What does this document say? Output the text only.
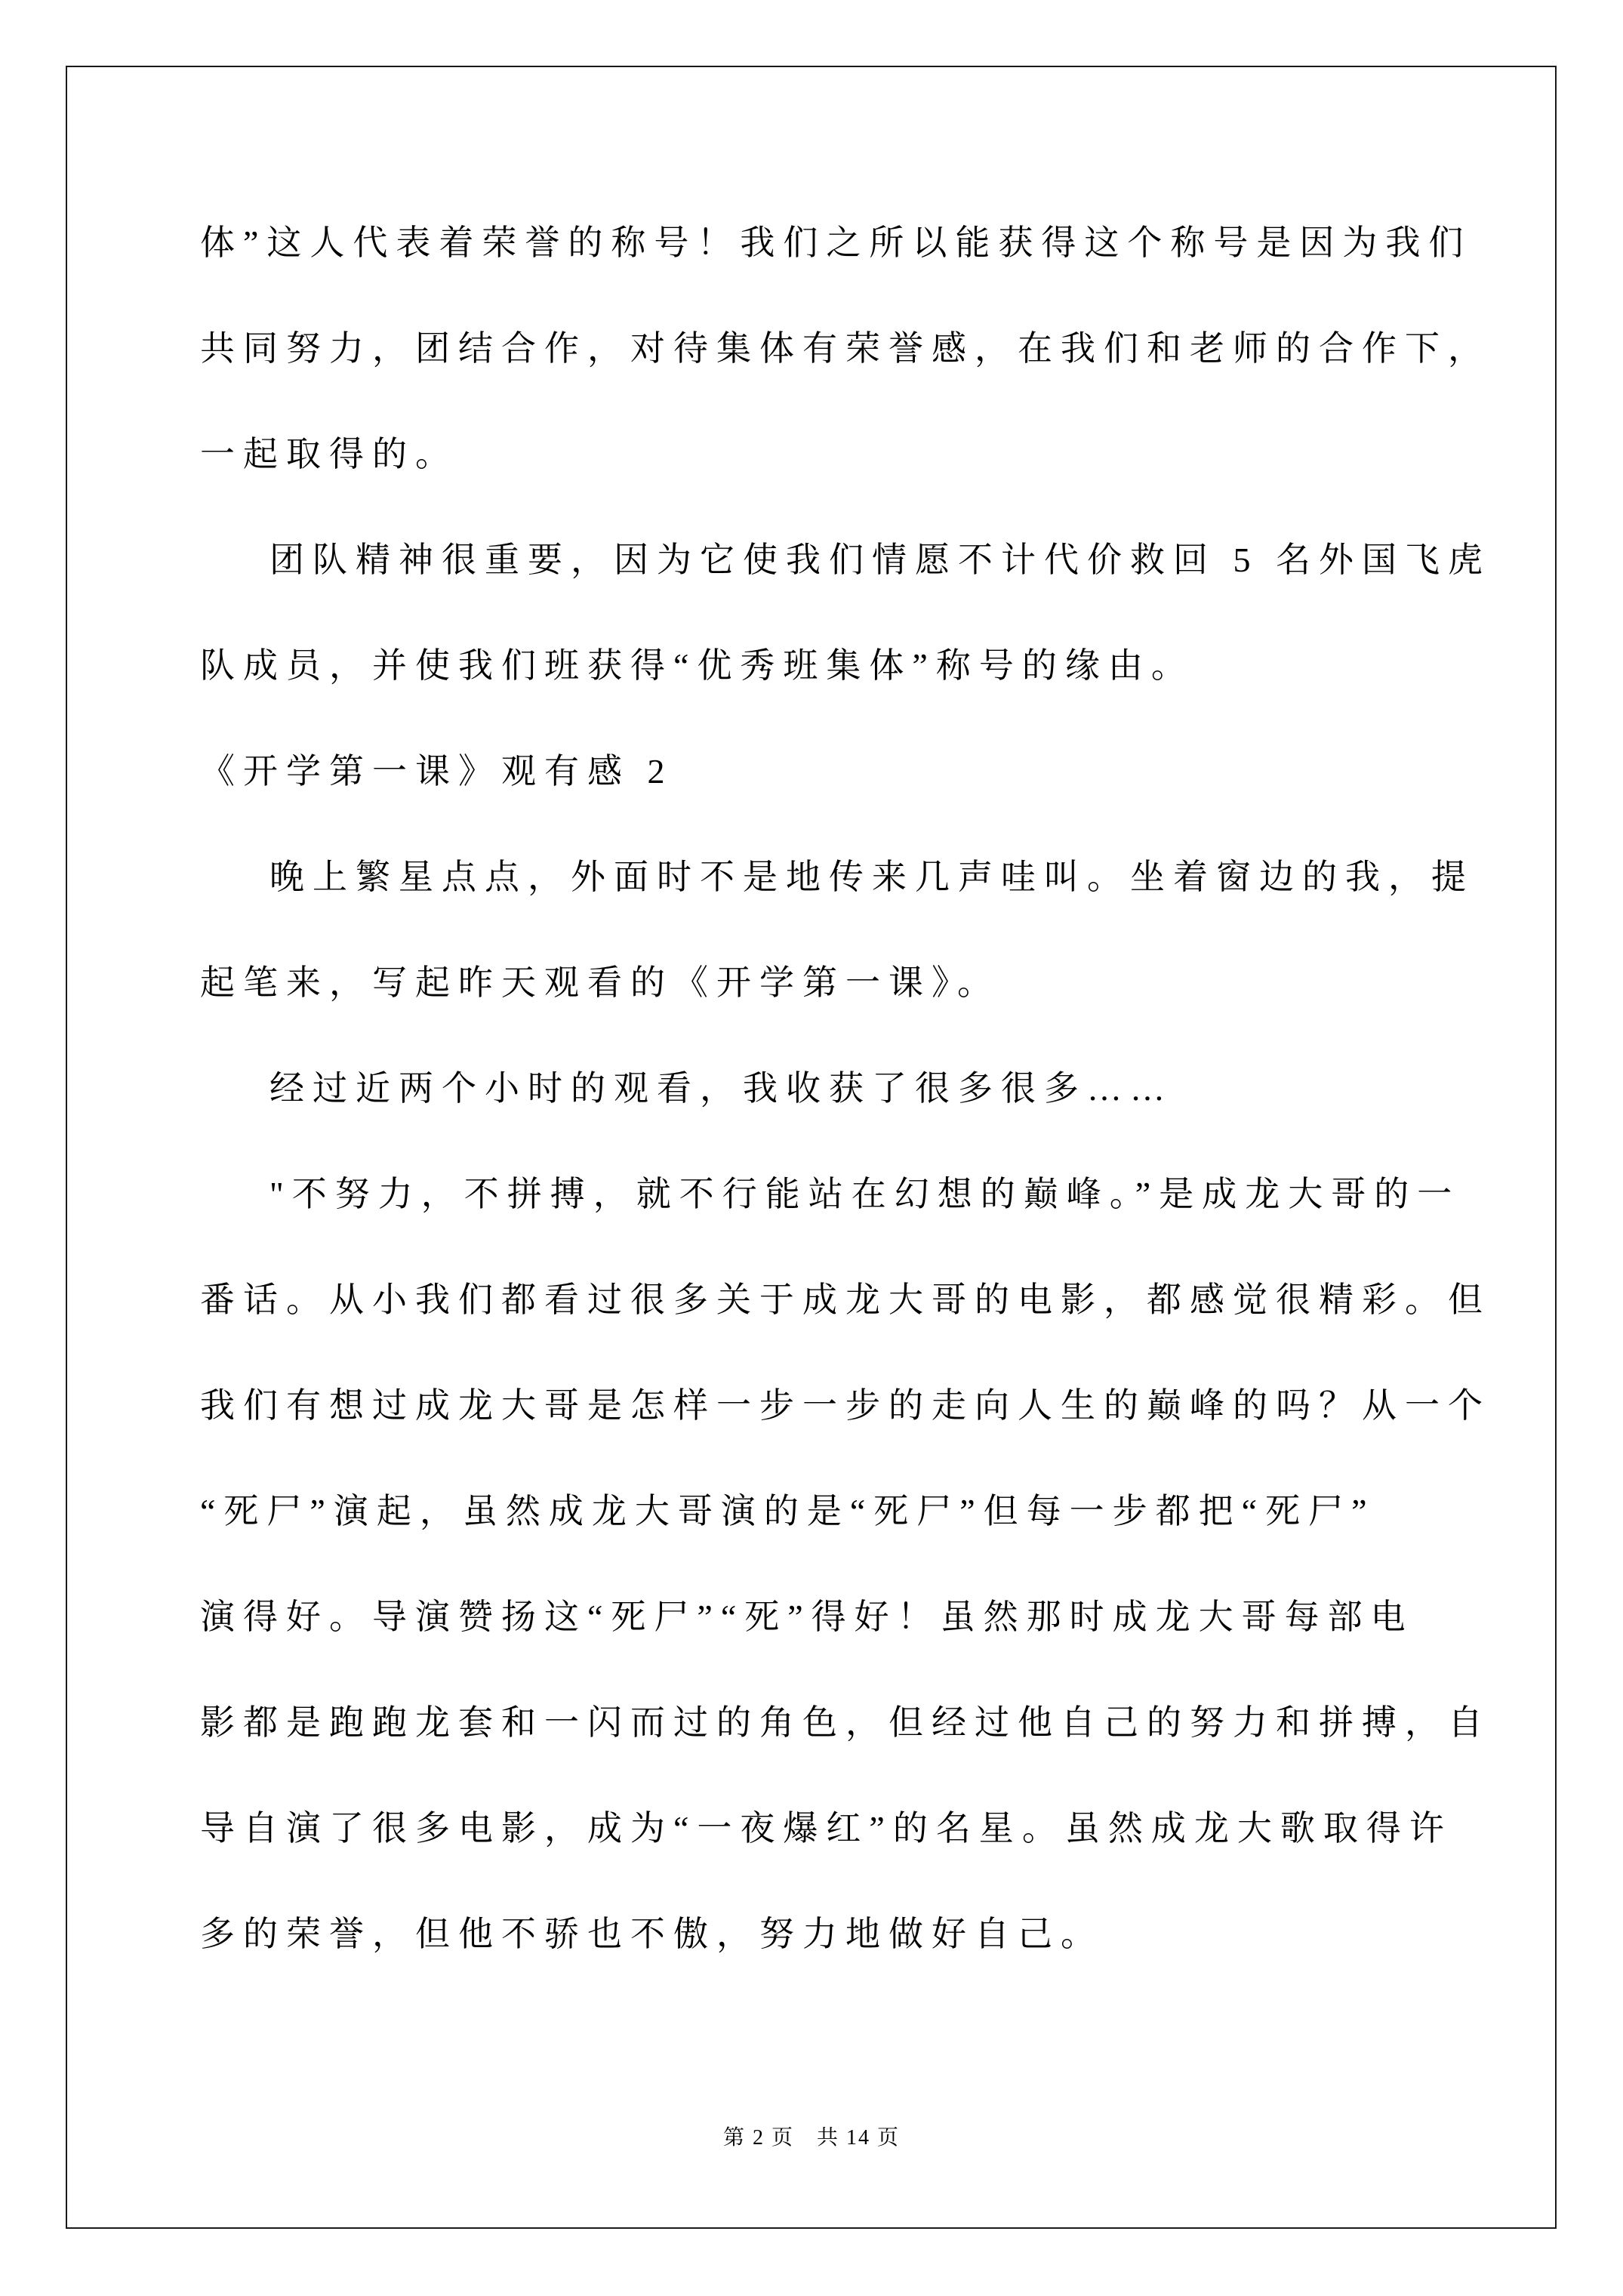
体”这人代表着荣誉的称号！我们之所以能获得这个称号是因为我们
共同努力，团结合作，对待集体有荣誉感，在我们和老师的合作下，
一起取得的。
团队精神很重要，因为它使我们情愿不计代价救回 5 名外国飞虎
队成员，并使我们班获得“优秀班集体”称号的缘由。
《开学第一课》观有感 2
晚上繁星点点，外面时不是地传来几声哇叫。坐着窗边的我，提
起笔来，写起昨天观看的《开学第一课》。
经过近两个小时的观看，我收获了很多很多……
"不努力，不拼搏，就不行能站在幻想的巅峰。”是成龙大哥的一
番话。从小我们都看过很多关于成龙大哥的电影，都感觉很精彩。但
我们有想过成龙大哥是怎样一步一步的走向人生的巅峰的吗？从一个
“死尸”演起，虽然成龙大哥演的是“死尸”但每一步都把“死尸”
演得好。导演赞扬这“死尸”“死”得好！虽然那时成龙大哥每部电
影都是跑跑龙套和一闪而过的角色，但经过他自己的努力和拼搏，自
导自演了很多电影，成为“一夜爆红”的名星。虽然成龙大歌取得许
多的荣誉，但他不骄也不傲，努力地做好自己。
第 2 页　共 14 页
